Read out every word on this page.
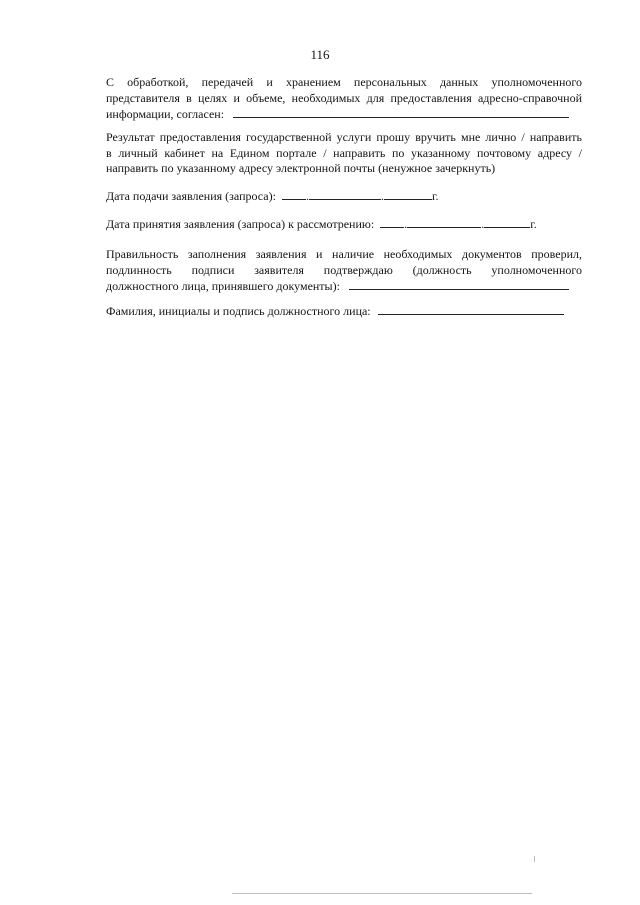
116
С обработкой, передачей и хранением персональных данных уполномоченного
представителя в целях и объеме, необходимых для предоставления адресно-справочной
информации, согласен:
Результат предоставления государственной услуги прошу вручить мне лично / направить
в личный кабинет на Едином портале / направить по указанному почтовому адресу /
направить по указанному адресу электронной почты (ненужное зачеркнуть)
Дата подачи заявления (запроса):	.	.	г.
Дата принятия заявления (запроса) к рассмотрению:	.	.	г.
Правильность заполнения заявления и наличие необходимых документов проверил,
подлинность подписи заявителя подтверждаю (должность уполномоченного
должностного лица, принявшего документы):
Фамилия, инициалы и подпись должностного лица:
